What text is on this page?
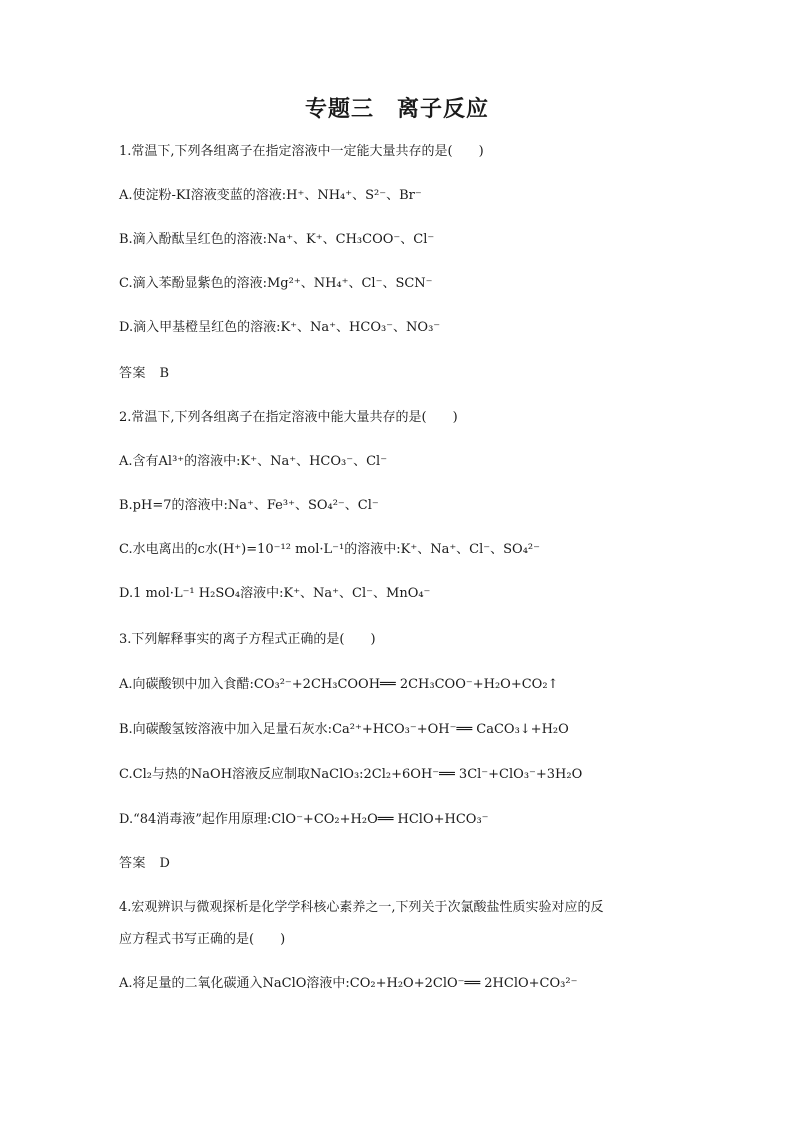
专题三　离子反应
1.常温下,下列各组离子在指定溶液中一定能大量共存的是(　　)
A.使淀粉-KI溶液变蓝的溶液:H⁺、NH₄⁺、S²⁻、Br⁻
B.滴入酚酞呈红色的溶液:Na⁺、K⁺、CH₃COO⁻、Cl⁻
C.滴入苯酚显紫色的溶液:Mg²⁺、NH₄⁺、Cl⁻、SCN⁻
D.滴入甲基橙呈红色的溶液:K⁺、Na⁺、HCO₃⁻、NO₃⁻
答案　B
2.常温下,下列各组离子在指定溶液中能大量共存的是(　　)
A.含有Al³⁺的溶液中:K⁺、Na⁺、HCO₃⁻、Cl⁻
B.pH=7的溶液中:Na⁺、Fe³⁺、SO₄²⁻、Cl⁻
C.水电离出的c水(H⁺)=10⁻¹² mol·L⁻¹的溶液中:K⁺、Na⁺、Cl⁻、SO₄²⁻
D.1 mol·L⁻¹ H₂SO₄溶液中:K⁺、Na⁺、Cl⁻、MnO₄⁻
3.下列解释事实的离子方程式正确的是(　　)
A.向碳酸钡中加入食醋:CO₃²⁻+2CH₃COOH══ 2CH₃COO⁻+H₂O+CO₂↑
B.向碳酸氢铵溶液中加入足量石灰水:Ca²⁺+HCO₃⁻+OH⁻══ CaCO₃↓+H₂O
C.Cl₂与热的NaOH溶液反应制取NaClO₃:2Cl₂+6OH⁻══ 3Cl⁻+ClO₃⁻+3H₂O
D.“84消毒液”起作用原理:ClO⁻+CO₂+H₂O══ HClO+HCO₃⁻
答案　D
4.宏观辨识与微观探析是化学学科核心素养之一,下列关于次氯酸盐性质实验对应的反
应方程式书写正确的是(　　)
A.将足量的二氧化碳通入NaClO溶液中:CO₂+H₂O+2ClO⁻══ 2HClO+CO₃²⁻
